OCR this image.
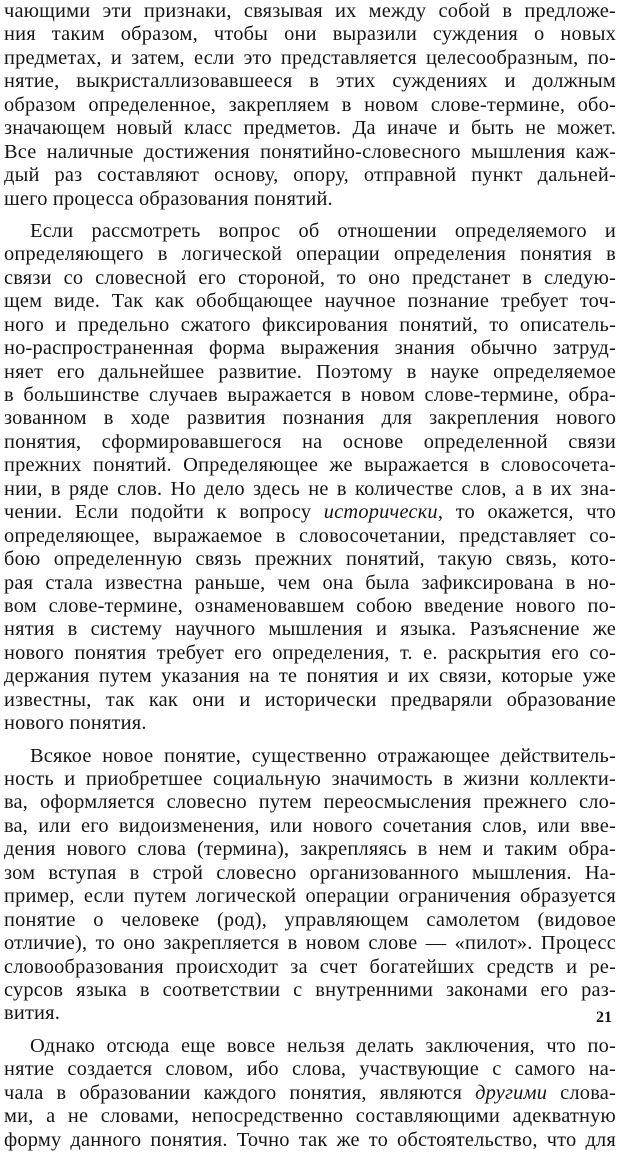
чающими эти признаки, связывая их между собой в предложе-
ния таким образом, чтобы они выразили суждения о новых
предметах, и затем, если это представляется целесообразным, по-
нятие, выкристаллизовавшееся в этих суждениях и должным
образом определенное, закрепляем в новом слове-термине, обо-
значающем новый класс предметов. Да иначе и быть не может.
Все наличные достижения понятийно-словесного мышления каж-
дый раз составляют основу, опору, отправной пункт дальней-
шего процесса образования понятий.
Если рассмотреть вопрос об отношении определяемого и
определяющего в логической операции определения понятия в
связи со словесной его стороной, то оно предстанет в следую-
щем виде. Так как обобщающее научное познание требует точ-
ного и предельно сжатого фиксирования понятий, то описатель-
но-распространенная форма выражения знания обычно затруд-
няет его дальнейшее развитие. Поэтому в науке определяемое
в большинстве случаев выражается в новом слове-термине, обра-
зованном в ходе развития познания для закрепления нового
понятия, сформировавшегося на основе определенной связи
прежних понятий. Определяющее же выражается в словосочета-
нии, в ряде слов. Но дело здесь не в количестве слов, а в их зна-
чении. Если подойти к вопросу исторически, то окажется, что
определяющее, выражаемое в словосочетании, представляет со-
бою определенную связь прежних понятий, такую связь, кото-
рая стала известна раньше, чем она была зафиксирована в но-
вом слове-термине, ознаменовавшем собою введение нового по-
нятия в систему научного мышления и языка. Разъяснение же
нового понятия требует его определения, т. е. раскрытия его со-
держания путем указания на те понятия и их связи, которые уже
известны, так как они и исторически предваряли образование
нового понятия.
Всякое новое понятие, существенно отражающее действитель-
ность и приобретшее социальную значимость в жизни коллекти-
ва, оформляется словесно путем переосмысления прежнего сло-
ва, или его видоизменения, или нового сочетания слов, или вве-
дения нового слова (термина), закрепляясь в нем и таким обра-
зом вступая в строй словесно организованного мышления. На-
пример, если путем логической операции ограничения образуется
понятие о человеке (род), управляющем самолетом (видовое
отличие), то оно закрепляется в новом слове — «пилот». Процесс
словообразования происходит за счет богатейших средств и ре-
сурсов языка в соответствии с внутренними законами его раз-
вития.
Однако отсюда еще вовсе нельзя делать заключения, что по-
нятие создается словом, ибо слова, участвующие с самого на-
чала в образовании каждого понятия, являются другими слова-
ми, а не словами, непосредственно составляющими адекватную
форму данного понятия. Точно так же то обстоятельство, что для
21
